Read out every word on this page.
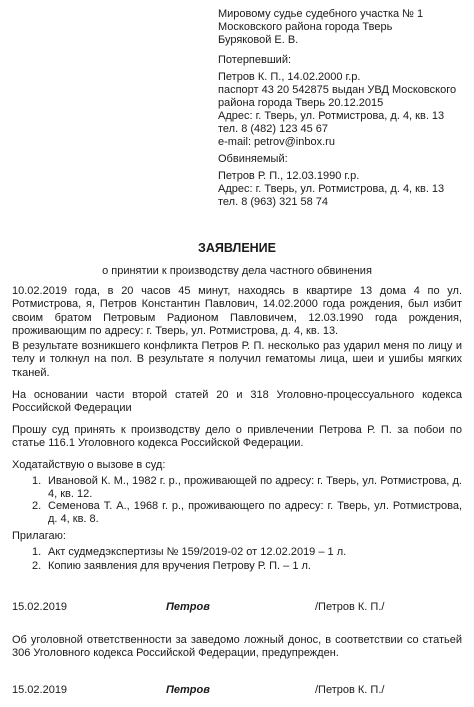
Мировому судье судебного участка № 1
Московского района города Тверь
Буряковой Е. В.
Потерпевший:
Петров К. П., 14.02.2000 г.р.
паспорт 43 20 542875 выдан УВД Московского
района города Тверь 20.12.2015
Адрес: г. Тверь, ул. Ротмистрова, д. 4, кв. 13
тел. 8 (482) 123 45 67
e-mail: petrov@inbox.ru
Обвиняемый:
Петров Р. П., 12.03.1990 г.р.
Адрес: г. Тверь, ул. Ротмистрова, д. 4, кв. 13
тел. 8 (963) 321 58 74
ЗАЯВЛЕНИЕ
о принятии к производству дела частного обвинения
10.02.2019 года, в 20 часов 45 минут, находясь в квартире 13 дома 4 по ул. Ротмистрова, я, Петров Константин Павлович, 14.02.2000 года рождения, был избит своим братом Петровым Радионом Павловичем, 12.03.1990 года рождения, проживающим по адресу: г. Тверь, ул. Ротмистрова, д. 4, кв. 13.
В результате возникшего конфликта Петров Р. П. несколько раз ударил меня по лицу и телу и толкнул на пол. В результате я получил гематомы лица, шеи и ушибы мягких тканей.
На основании части второй статей 20 и 318 Уголовно-процессуального кодекса Российской Федерации
Прошу суд принять к производству дело о привлечении Петрова Р. П. за побои по статье 116.1 Уголовного кодекса Российской Федерации.
Ходатайствую о вызове в суд:
1. Ивановой К. М., 1982 г. р., проживающей по адресу: г. Тверь, ул. Ротмистрова, д. 4, кв. 12.
2. Семенова Т. А., 1968 г. р., проживающего по адресу: г. Тверь, ул. Ротмистрова, д. 4, кв. 8.
Прилагаю:
1. Акт судмедэкспертизы № 159/2019-02 от 12.02.2019 – 1 л.
2. Копию заявления для вручения Петрову Р. П. – 1 л.
15.02.2019	Петров	/Петров К. П./
Об уголовной ответственности за заведомо ложный донос, в соответствии со статьей 306 Уголовного кодекса Российской Федерации, предупрежден.
15.02.2019	Петров	/Петров К. П./
